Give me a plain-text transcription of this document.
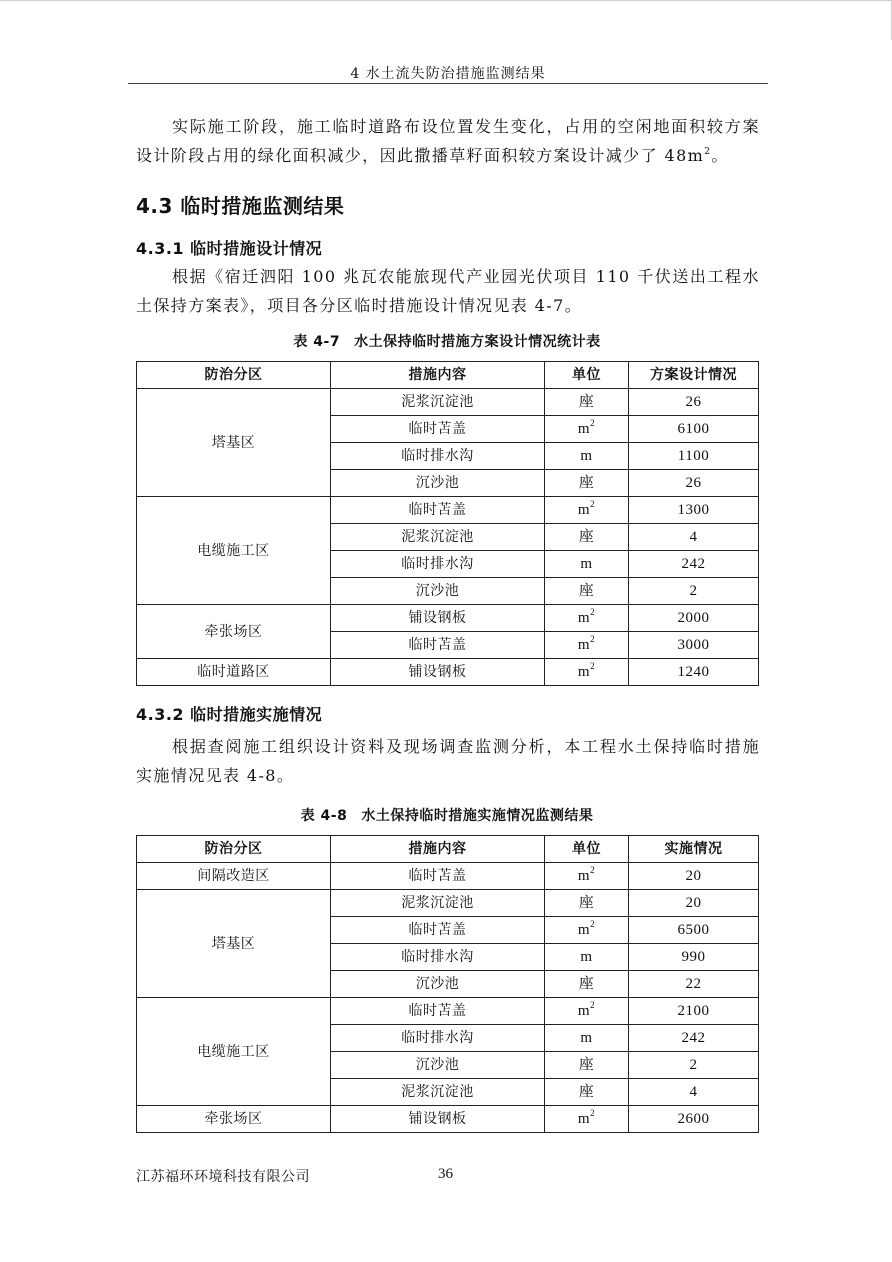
4 水土流失防治措施监测结果

实际施工阶段，施工临时道路布设位置发生变化，占用的空闲地面积较方案设计阶段占用的绿化面积减少，因此撒播草籽面积较方案设计减少了 $48m^2$。

4.3 临时措施监测结果
4.3.1 临时措施设计情况

根据《宿迁泗阳 100 兆瓦农能旅现代产业园光伏项目 110 千伏送出工程水土保持方案表》，项目各分区临时措施设计情况见表 4-7。

表 4-7 水土保持临时措施方案设计情况统计表
防治分区	措施内容	单位	方案设计情况
塔基区	泥浆沉淀池	座	26
	临时苫盖	$m^2$	6100
	临时排水沟	m	1100
	沉沙池	座	26
电缆施工区	临时苫盖	$m^2$	1300
	泥浆沉淀池	座	4
	临时排水沟	m	242
	沉沙池	座	2
牵张场区	铺设钢板	$m^2$	2000
	临时苫盖	$m^2$	3000
临时道路区	铺设钢板	$m^2$	1240
4.3.2 临时措施实施情况

根据查阅施工组织设计资料及现场调查监测分析，本工程水土保持临时措施实施情况见表 4-8。

表 4-8 水土保持临时措施实施情况监测结果
防治分区	措施内容	单位	实施情况
间隔改造区	临时苫盖	$m^2$	20
塔基区	泥浆沉淀池	座	20
	临时苫盖	$m^2$	6500
	临时排水沟	m	990
	沉沙池	座	22
电缆施工区	临时苫盖	$m^2$	2100
	临时排水沟	m	242
	沉沙池	座	2
	泥浆沉淀池	座	4
牵张场区	铺设钢板	$m^2$	2600
江苏福环环境科技有限公司	36
